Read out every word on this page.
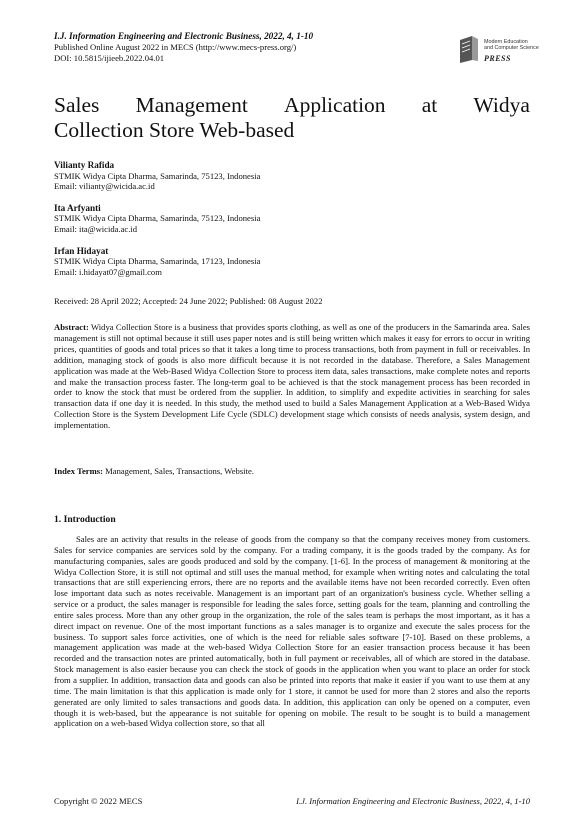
I.J. Information Engineering and Electronic Business, 2022, 4, 1-10
Published Online August 2022 in MECS (http://www.mecs-press.org/)
DOI: 10.5815/ijieeb.2022.04.01
Modern Education
and Computer Science
PRESS
Sales Management Application at Widya
Collection Store Web-based
Vilianty Rafida
STMIK Widya Cipta Dharma, Samarinda, 75123, Indonesia
Email: vilianty@wicida.ac.id
Ita Arfyanti
STMIK Widya Cipta Dharma, Samarinda, 75123, Indonesia
Email: ita@wicida.ac.id
Irfan Hidayat
STMIK Widya Cipta Dharma, Samarinda, 17123, Indonesia
Email: i.hidayat07@gmail.com
Received: 28 April 2022; Accepted: 24 June 2022; Published: 08 August 2022
Abstract: Widya Collection Store is a business that provides sports clothing, as well as one of the producers in the Samarinda area. Sales management is still not optimal because it still uses paper notes and is still being written which makes it easy for errors to occur in writing prices, quantities of goods and total prices so that it takes a long time to process transactions, both from payment in full or receivables. In addition, managing stock of goods is also more difficult because it is not recorded in the database. Therefore, a Sales Management application was made at the Web-Based Widya Collection Store to process item data, sales transactions, make complete notes and reports and make the transaction process faster. The long-term goal to be achieved is that the stock management process has been recorded in order to know the stock that must be ordered from the supplier. In addition, to simplify and expedite activities in searching for sales transaction data if one day it is needed. In this study, the method used to build a Sales Management Application at a Web-Based Widya Collection Store is the System Development Life Cycle (SDLC) development stage which consists of needs analysis, system design, and implementation.
Index Terms: Management, Sales, Transactions, Website.
1. Introduction

Sales are an activity that results in the release of goods from the company so that the company receives money from customers. Sales for service companies are services sold by the company. For a trading company, it is the goods traded by the company. As for manufacturing companies, sales are goods produced and sold by the company. [1-6]. In the process of management & monitoring at the Widya Collection Store, it is still not optimal and still uses the manual method, for example when writing notes and calculating the total transactions that are still experiencing errors, there are no reports and the available items have not been recorded correctly. Even often lose important data such as notes receivable. Management is an important part of an organization's business cycle. Whether selling a service or a product, the sales manager is responsible for leading the sales force, setting goals for the team, planning and controlling the entire sales process. More than any other group in the organization, the role of the sales team is perhaps the most important, as it has a direct impact on revenue. One of the most important functions as a sales manager is to organize and execute the sales process for the business. To support sales force activities, one of which is the need for reliable sales software [7-10]. Based on these problems, a management application was made at the web-based Widya Collection Store for an easier transaction process because it has been recorded and the transaction notes are printed automatically, both in full payment or receivables, all of which are stored in the database. Stock management is also easier because you can check the stock of goods in the application when you want to place an order for stock from a supplier. In addition, transaction data and goods can also be printed into reports that make it easier if you want to use them at any time. The main limitation is that this application is made only for 1 store, it cannot be used for more than 2 stores and also the reports generated are only limited to sales transactions and goods data. In addition, this application can only be opened on a computer, even though it is web-based, but the appearance is not suitable for opening on mobile. The result to be sought is to build a management application on a web-based Widya collection store, so that all

Copyright © 2022 MECS	I.J. Information Engineering and Electronic Business, 2022, 4, 1-10
